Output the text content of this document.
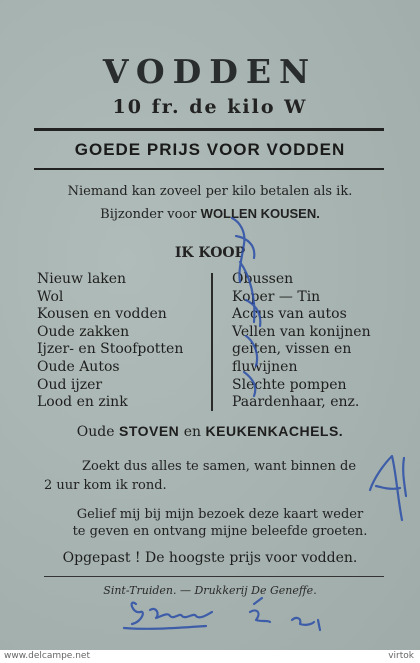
VODDEN
10 fr. de kilo W
GOEDE PRIJS VOOR VODDEN
Niemand kan zoveel per kilo betalen als ik.
Bijzonder voor WOLLEN KOUSEN.
IK KOOP
Nieuw laken
Wol
Kousen en vodden
Oude zakken
Ijzer- en Stoofpotten
Oude Autos
Oud ijzer
Lood en zink
Obussen
Koper — Tin
Accus van autos
Vellen van konijnen
geiten, vissen en
fluwijnen
Slechte pompen
Paardenhaar, enz.
Oude STOVEN en KEUKENKACHELS.
Zoekt dus alles te samen, want binnen de
2 uur kom ik rond.
Gelief mij bij mijn bezoek deze kaart weder
te geven en ontvang mijne beleefde groeten.
Opgepast ! De hoogste prijs voor vodden.
Sint-Truiden. — Drukkerij De Geneffe.
www.delcampe.net	virtok
